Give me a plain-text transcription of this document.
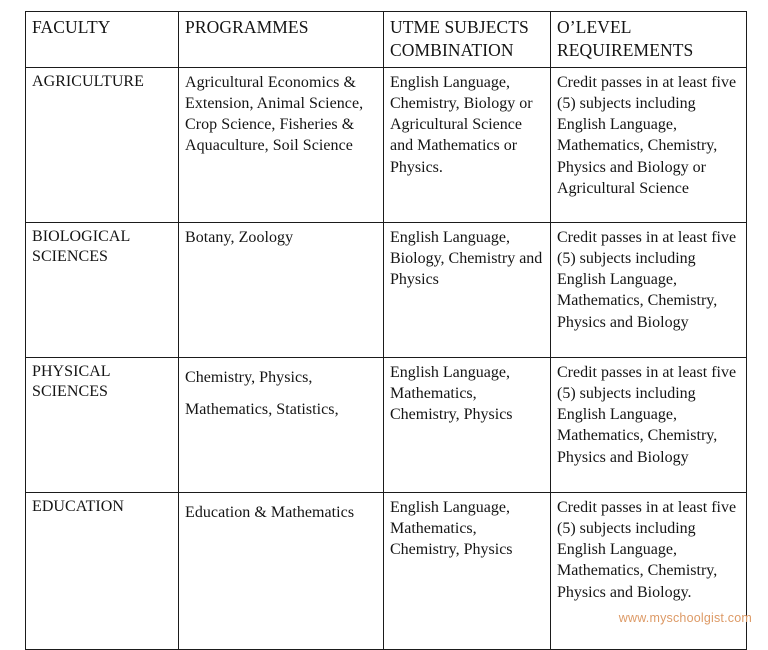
FACULTY	PROGRAMMES	UTME SUBJECTS COMBINATION	O’LEVEL REQUIREMENTS
AGRICULTURE	Agricultural Economics & Extension, Animal Science, Crop Science, Fisheries & Aquaculture, Soil Science	English Language, Chemistry, Biology or Agricultural Science and Mathematics or Physics.	Credit passes in at least five (5) subjects including English Language, Mathematics, Chemistry, Physics and Biology or Agricultural Science
BIOLOGICAL SCIENCES	Botany, Zoology	English Language, Biology, Chemistry and Physics	Credit passes in at least five (5) subjects including English Language, Mathematics, Chemistry, Physics and Biology
PHYSICAL SCIENCES	Chemistry, Physics, Mathematics, Statistics,	English Language, Mathematics, Chemistry, Physics	Credit passes in at least five (5) subjects including English Language, Mathematics, Chemistry, Physics and Biology
EDUCATION	Education & Mathematics	English Language, Mathematics, Chemistry, Physics	Credit passes in at least five (5) subjects including English Language, Mathematics, Chemistry, Physics and Biology.
www.myschoolgist.com
